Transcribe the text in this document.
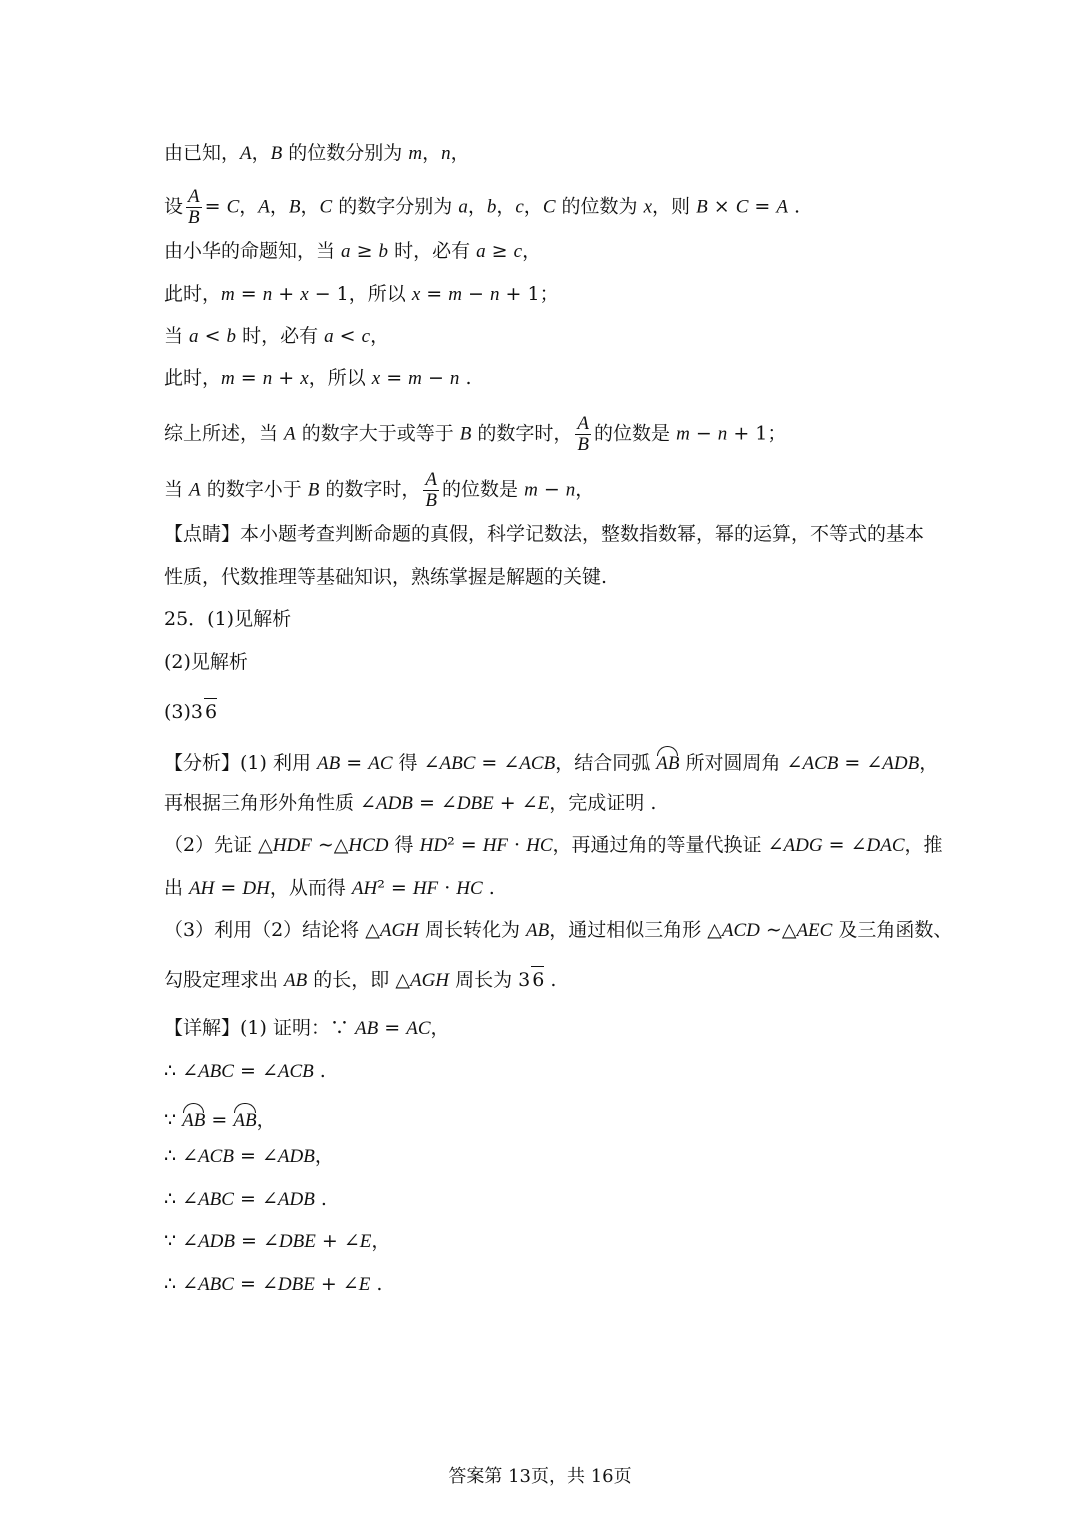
由已知，A，B 的位数分别为 m，n，
设 $\frac{A}{B} = C$，A，B，C 的数字分别为 a，b，c，C 的位数为 x，则 B × C = A .
由小华的命题知，当 a ≥ b 时，必有 a ≥ c，
此时，m = n + x − 1，所以 x = m − n + 1；
当 a < b 时，必有 a < c，
此时，m = n + x，所以 x = m − n .
综上所述，当 A 的数字大于或等于 B 的数字时， $\frac{A}{B}$ 的位数是 m − n + 1；
当 A 的数字小于 B 的数字时， $\frac{A}{B}$ 的位数是 m − n，
【点睛】本小题考查判断命题的真假，科学记数法，整数指数幂，幂的运算，不等式的基本
性质，代数推理等基础知识，熟练掌握是解题的关键.
25．(1)见解析
(2)见解析
(3)3 6
【分析】(1) 利用 AB = AC 得 ∠ABC = ∠ACB，结合同弧 AB 所对圆周角 ∠ACB = ∠ADB，
再根据三角形外角性质 ∠ADB = ∠DBE + ∠E，完成证明 .
（2）先证 △HDF ∼△HCD 得 HD² = HF · HC，再通过角的等量代换证 ∠ADG = ∠DAC，推
出 AH = DH，从而得 AH² = HF · HC .
（3）利用（2）结论将 △AGH 周长转化为 AB，通过相似三角形 △ACD ∼△AEC 及三角函数、
勾股定理求出 AB 的长，即 △AGH 周长为 3 6 .
【详解】(1) 证明：∵ AB = AC，
∴ ∠ABC = ∠ACB .
∵ AB = AB，
∴ ∠ACB = ∠ADB，
∴ ∠ABC = ∠ADB .
∵ ∠ADB = ∠DBE + ∠E，
∴ ∠ABC = ∠DBE + ∠E .
答案第 13页，共 16页
